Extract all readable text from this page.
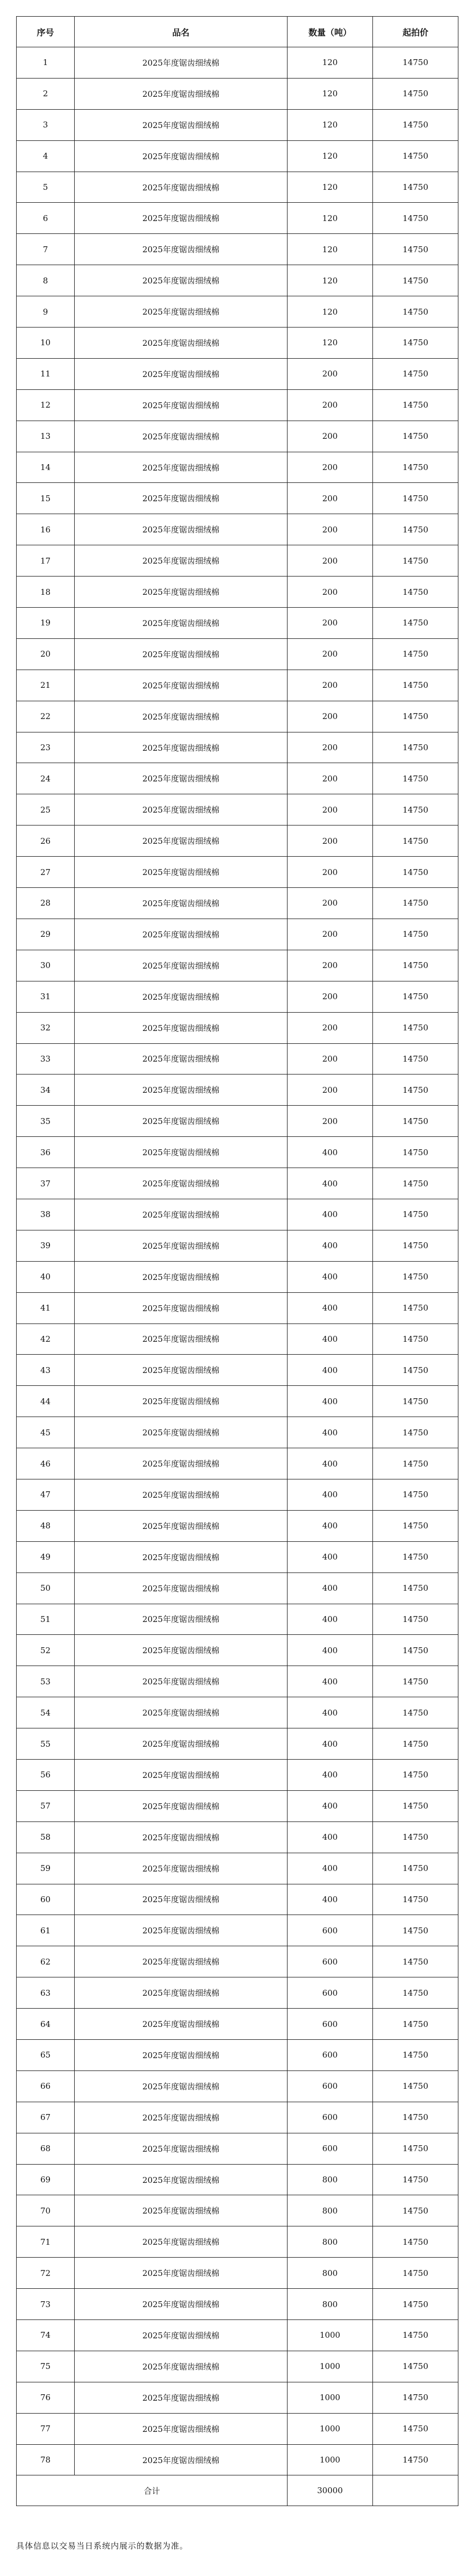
序号	品名	数量（吨）	起拍价
1	2025年度锯齿细绒棉	120	14750
2	2025年度锯齿细绒棉	120	14750
3	2025年度锯齿细绒棉	120	14750
4	2025年度锯齿细绒棉	120	14750
5	2025年度锯齿细绒棉	120	14750
6	2025年度锯齿细绒棉	120	14750
7	2025年度锯齿细绒棉	120	14750
8	2025年度锯齿细绒棉	120	14750
9	2025年度锯齿细绒棉	120	14750
10	2025年度锯齿细绒棉	120	14750
11	2025年度锯齿细绒棉	200	14750
12	2025年度锯齿细绒棉	200	14750
13	2025年度锯齿细绒棉	200	14750
14	2025年度锯齿细绒棉	200	14750
15	2025年度锯齿细绒棉	200	14750
16	2025年度锯齿细绒棉	200	14750
17	2025年度锯齿细绒棉	200	14750
18	2025年度锯齿细绒棉	200	14750
19	2025年度锯齿细绒棉	200	14750
20	2025年度锯齿细绒棉	200	14750
21	2025年度锯齿细绒棉	200	14750
22	2025年度锯齿细绒棉	200	14750
23	2025年度锯齿细绒棉	200	14750
24	2025年度锯齿细绒棉	200	14750
25	2025年度锯齿细绒棉	200	14750
26	2025年度锯齿细绒棉	200	14750
27	2025年度锯齿细绒棉	200	14750
28	2025年度锯齿细绒棉	200	14750
29	2025年度锯齿细绒棉	200	14750
30	2025年度锯齿细绒棉	200	14750
31	2025年度锯齿细绒棉	200	14750
32	2025年度锯齿细绒棉	200	14750
33	2025年度锯齿细绒棉	200	14750
34	2025年度锯齿细绒棉	200	14750
35	2025年度锯齿细绒棉	200	14750
36	2025年度锯齿细绒棉	400	14750
37	2025年度锯齿细绒棉	400	14750
38	2025年度锯齿细绒棉	400	14750
39	2025年度锯齿细绒棉	400	14750
40	2025年度锯齿细绒棉	400	14750
41	2025年度锯齿细绒棉	400	14750
42	2025年度锯齿细绒棉	400	14750
43	2025年度锯齿细绒棉	400	14750
44	2025年度锯齿细绒棉	400	14750
45	2025年度锯齿细绒棉	400	14750
46	2025年度锯齿细绒棉	400	14750
47	2025年度锯齿细绒棉	400	14750
48	2025年度锯齿细绒棉	400	14750
49	2025年度锯齿细绒棉	400	14750
50	2025年度锯齿细绒棉	400	14750
51	2025年度锯齿细绒棉	400	14750
52	2025年度锯齿细绒棉	400	14750
53	2025年度锯齿细绒棉	400	14750
54	2025年度锯齿细绒棉	400	14750
55	2025年度锯齿细绒棉	400	14750
56	2025年度锯齿细绒棉	400	14750
57	2025年度锯齿细绒棉	400	14750
58	2025年度锯齿细绒棉	400	14750
59	2025年度锯齿细绒棉	400	14750
60	2025年度锯齿细绒棉	400	14750
61	2025年度锯齿细绒棉	600	14750
62	2025年度锯齿细绒棉	600	14750
63	2025年度锯齿细绒棉	600	14750
64	2025年度锯齿细绒棉	600	14750
65	2025年度锯齿细绒棉	600	14750
66	2025年度锯齿细绒棉	600	14750
67	2025年度锯齿细绒棉	600	14750
68	2025年度锯齿细绒棉	600	14750
69	2025年度锯齿细绒棉	800	14750
70	2025年度锯齿细绒棉	800	14750
71	2025年度锯齿细绒棉	800	14750
72	2025年度锯齿细绒棉	800	14750
73	2025年度锯齿细绒棉	800	14750
74	2025年度锯齿细绒棉	1000	14750
75	2025年度锯齿细绒棉	1000	14750
76	2025年度锯齿细绒棉	1000	14750
77	2025年度锯齿细绒棉	1000	14750
78	2025年度锯齿细绒棉	1000	14750
合计		30000	
具体信息以交易当日系统内展示的数据为准。
